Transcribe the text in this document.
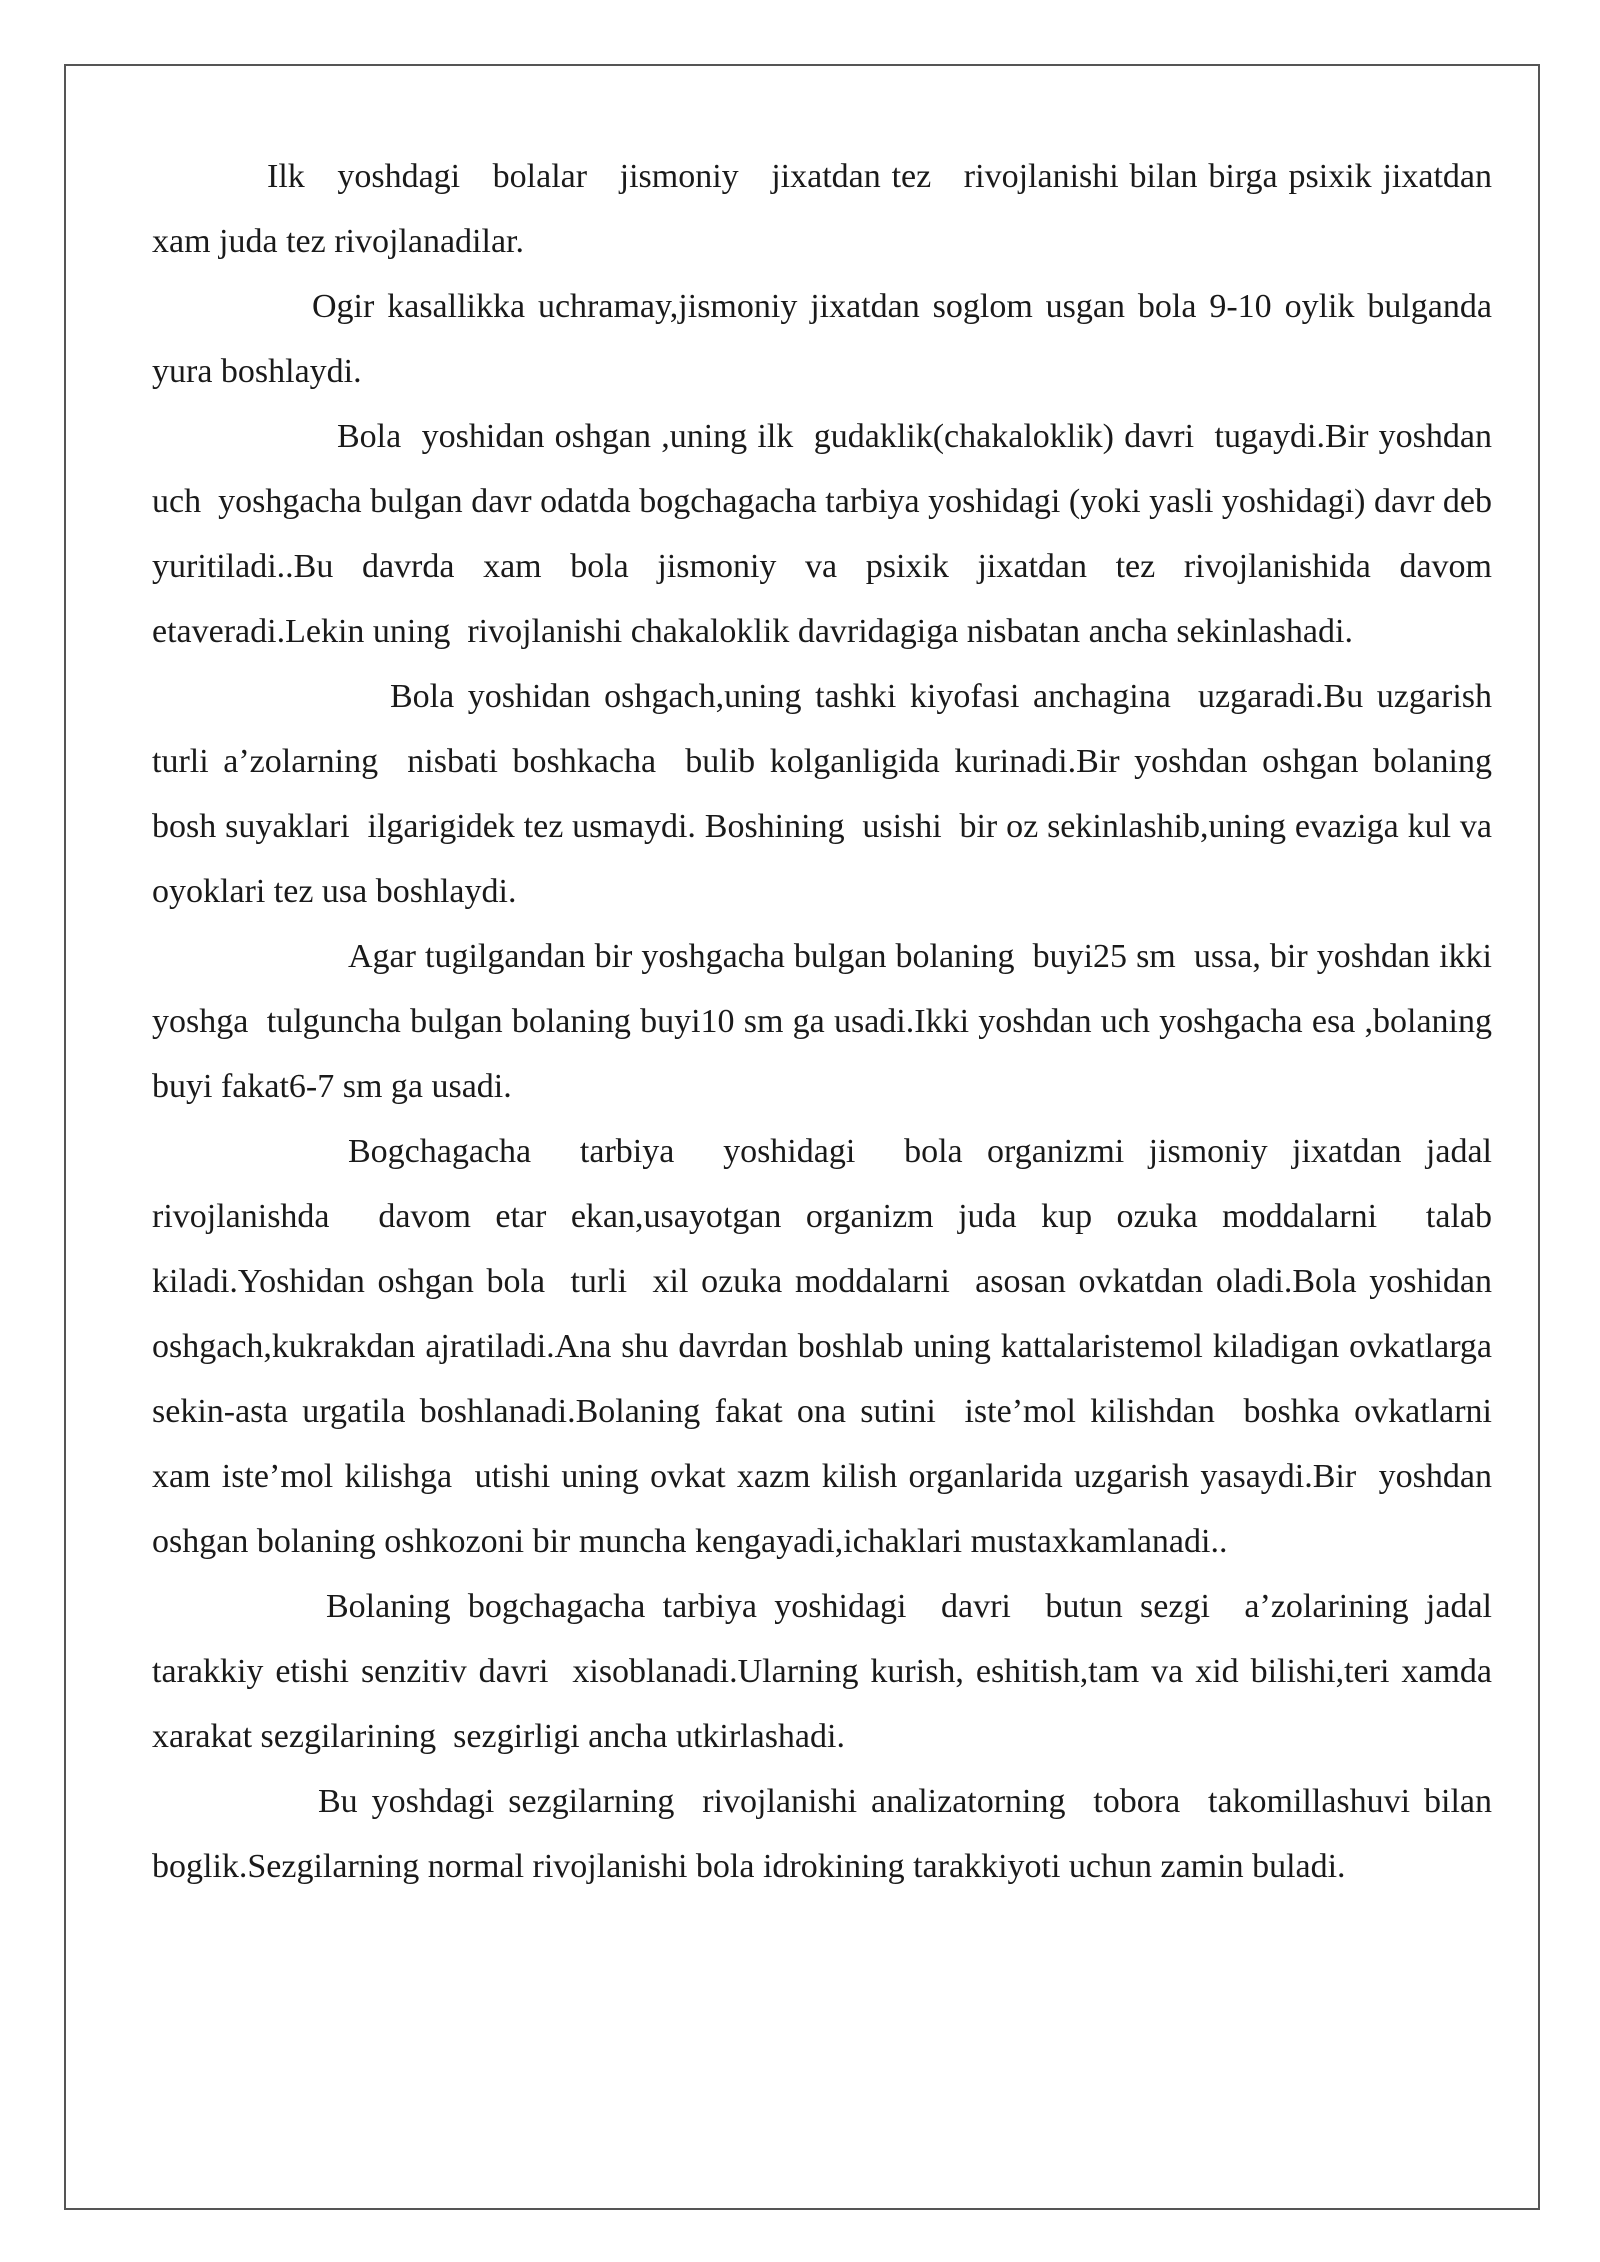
Ilk   yoshdagi   bolalar   jismoniy   jixatdan tez   rivojlanishi bilan birga psixik jixatdan xam juda tez rivojlanadilar.

Ogir kasallikka uchramay,jismoniy jixatdan soglom usgan bola 9-10 oylik bulganda  yura boshlaydi.

Bola  yoshidan oshgan ,uning ilk  gudaklik(chakaloklik) davri  tugaydi.Bir yoshdan uch  yoshgacha bulgan davr odatda bogchagacha tarbiya yoshidagi (yoki yasli yoshidagi) davr deb yuritiladi..Bu davrda xam bola jismoniy va psixik jixatdan tez rivojlanishida davom etaveradi.Lekin uning  rivojlanishi chakaloklik davridagiga nisbatan ancha sekinlashadi.

Bola yoshidan oshgach,uning tashki kiyofasi anchagina  uzgaradi.Bu uzgarish turli a’zolarning  nisbati boshkacha  bulib kolganligida kurinadi.Bir yoshdan oshgan bolaning bosh suyaklari  ilgarigidek tez usmaydi. Boshining  usishi  bir oz sekinlashib,uning evaziga kul va oyoklari tez usa boshlaydi.

Agar tugilgandan bir yoshgacha bulgan bolaning  buyi25 sm  ussa, bir yoshdan ikki  yoshga  tulguncha bulgan bolaning buyi10 sm ga usadi.Ikki yoshdan uch yoshgacha esa ,bolaning buyi fakat6-7 sm ga usadi.

Bogchagacha  tarbiya  yoshidagi  bola organizmi jismoniy jixatdan jadal rivojlanishda  davom etar ekan,usayotgan organizm juda kup ozuka moddalarni  talab kiladi.Yoshidan oshgan bola  turli  xil ozuka moddalarni  asosan ovkatdan oladi.Bola yoshidan oshgach,kukrakdan ajratiladi.Ana shu davrdan boshlab uning kattalaristemol kiladigan ovkatlarga sekin-asta urgatila boshlanadi.Bolaning fakat ona sutini  iste’mol kilishdan  boshka ovkatlarni  xam iste’mol kilishga  utishi uning ovkat xazm kilish organlarida uzgarish yasaydi.Bir  yoshdan oshgan bolaning oshkozoni bir muncha kengayadi,ichaklari mustaxkamlanadi..

Bolaning bogchagacha tarbiya yoshidagi  davri  butun sezgi  a’zolarining jadal tarakkiy etishi senzitiv davri  xisoblanadi.Ularning kurish, eshitish,tam va xid bilishi,teri xamda xarakat sezgilarining  sezgirligi ancha utkirlashadi.

Bu yoshdagi sezgilarning  rivojlanishi analizatorning  tobora  takomillashuvi bilan boglik.Sezgilarning normal rivojlanishi bola idrokining tarakkiyoti uchun zamin buladi.
